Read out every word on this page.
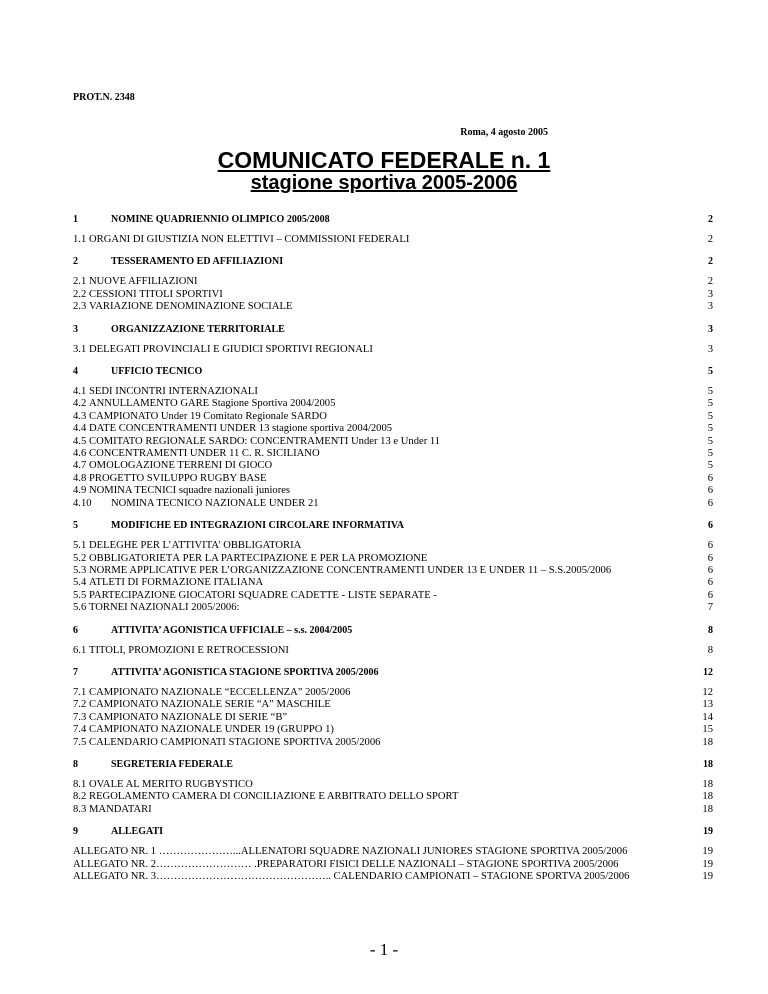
PROT.N. 2348
Roma, 4 agosto 2005
COMUNICATO FEDERALE n. 1
stagione sportiva 2005-2006
1	NOMINE QUADRIENNIO OLIMPICO 2005/2008	2
1.1 ORGANI DI GIUSTIZIA NON ELETTIVI – COMMISSIONI FEDERALI	2
2	TESSERAMENTO ED AFFILIAZIONI	2
2.1 NUOVE AFFILIAZIONI	2
2.2 CESSIONI TITOLI SPORTIVI	3
2.3 VARIAZIONE DENOMINAZIONE SOCIALE	3
3	ORGANIZZAZIONE TERRITORIALE	3
3.1 DELEGATI PROVINCIALI E GIUDICI SPORTIVI REGIONALI	3
4	UFFICIO TECNICO	5
4.1 SEDI INCONTRI INTERNAZIONALI	5
4.2 ANNULLAMENTO GARE Stagione Sportiva 2004/2005	5
4.3 CAMPIONATO Under 19 Comitato Regionale SARDO	5
4.4 DATE CONCENTRAMENTI UNDER 13 stagione sportiva 2004/2005	5
4.5 COMITATO REGIONALE SARDO: CONCENTRAMENTI Under 13 e Under 11	5
4.6 CONCENTRAMENTI UNDER 11 C. R. SICILIANO	5
4.7 OMOLOGAZIONE TERRENI DI GIOCO	5
4.8 PROGETTO SVILUPPO RUGBY BASE	6
4.9 NOMINA TECNICI squadre nazionali juniores	6
4.10 NOMINA TECNICO NAZIONALE UNDER 21	6
5	MODIFICHE ED INTEGRAZIONI CIRCOLARE INFORMATIVA	6
5.1 DELEGHE PER L’ATTIVITA’ OBBLIGATORIA	6
5.2 OBBLIGATORIETÀ PER LA PARTECIPAZIONE E PER LA PROMOZIONE	6
5.3 NORME APPLICATIVE PER L’ORGANIZZAZIONE CONCENTRAMENTI UNDER 13 E UNDER 11 – S.S.2005/2006	6
5.4 ATLETI DI FORMAZIONE ITALIANA	6
5.5 PARTECIPAZIONE GIOCATORI SQUADRE CADETTE - LISTE SEPARATE -	6
5.6 TORNEI NAZIONALI 2005/2006:	7
6	ATTIVITA’ AGONISTICA UFFICIALE – s.s. 2004/2005	8
6.1 TITOLI, PROMOZIONI E RETROCESSIONI	8
7	ATTIVITA’ AGONISTICA STAGIONE SPORTIVA 2005/2006	12
7.1 CAMPIONATO NAZIONALE “ECCELLENZA” 2005/2006	12
7.2 CAMPIONATO NAZIONALE SERIE “A” MASCHILE	13
7.3 CAMPIONATO NAZIONALE DI SERIE “B”	14
7.4 CAMPIONATO NAZIONALE UNDER 19 (GRUPPO 1)	15
7.5 CALENDARIO CAMPIONATI STAGIONE SPORTIVA 2005/2006	18
8	SEGRETERIA FEDERALE	18
8.1 OVALE AL MERITO RUGBYSTICO	18
8.2 REGOLAMENTO CAMERA DI CONCILIAZIONE E ARBITRATO DELLO SPORT	18
8.3 MANDATARI	18
9	ALLEGATI	19
ALLEGATO NR. 1 …………………...ALLENATORI SQUADRE NAZIONALI JUNIORES STAGIONE SPORTIVA 2005/2006	19
ALLEGATO NR. 2……………………… .PREPARATORI FISICI DELLE NAZIONALI – STAGIONE SPORTIVA 2005/2006	19
ALLEGATO NR. 3………………………………………….. CALENDARIO CAMPIONATI – STAGIONE SPORTVA 2005/2006	19
- 1 -
